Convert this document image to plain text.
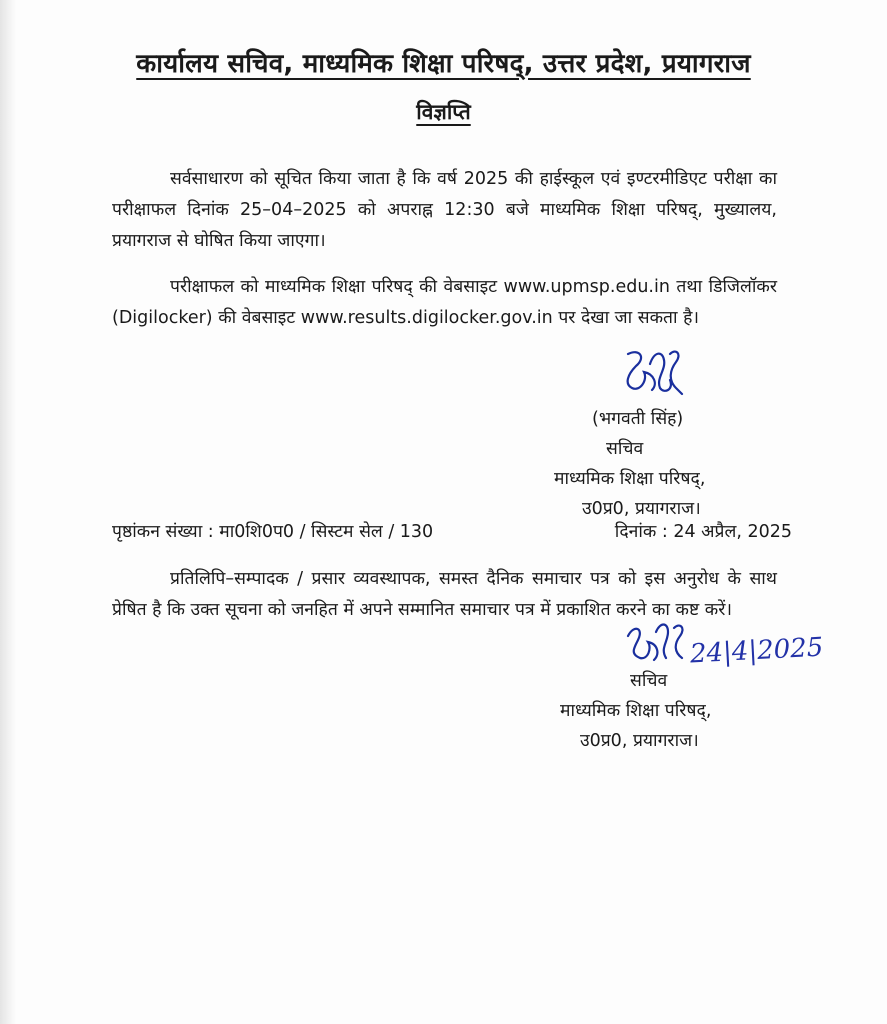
कार्यालय सचिव, माध्यमिक शिक्षा परिषद्, उत्तर प्रदेश, प्रयागराज
विज्ञप्ति

सर्वसाधारण को सूचित किया जाता है कि वर्ष 2025 की हाईस्कूल एवं इण्टरमीडिएट परीक्षा का परीक्षाफल दिनांक 25–04–2025 को अपराह्न 12:30 बजे माध्यमिक शिक्षा परिषद्, मुख्यालय, प्रयागराज से घोषित किया जाएगा।

परीक्षाफल को माध्यमिक शिक्षा परिषद् की वेबसाइट www.upmsp.edu.in तथा डिजिलॉकर (Digilocker) की वेबसाइट www.results.digilocker.gov.in पर देखा जा सकता है।

(भगवती सिंह)
सचिव
माध्यमिक शिक्षा परिषद्,
उ0प्र0, प्रयागराज।
पृष्ठांकन संख्या : मा0शि0प0 / सिस्टम सेल / 130	दिनांक : 24 अप्रैल, 2025

प्रतिलिपि–सम्पादक / प्रसार व्यवस्थापक, समस्त दैनिक समाचार पत्र को इस अनुरोध के साथ प्रेषित है कि उक्त सूचना को जनहित में अपने सम्मानित समाचार पत्र में प्रकाशित करने का कष्ट करें।

24|4|2025
सचिव
माध्यमिक शिक्षा परिषद्,
उ0प्र0, प्रयागराज।
